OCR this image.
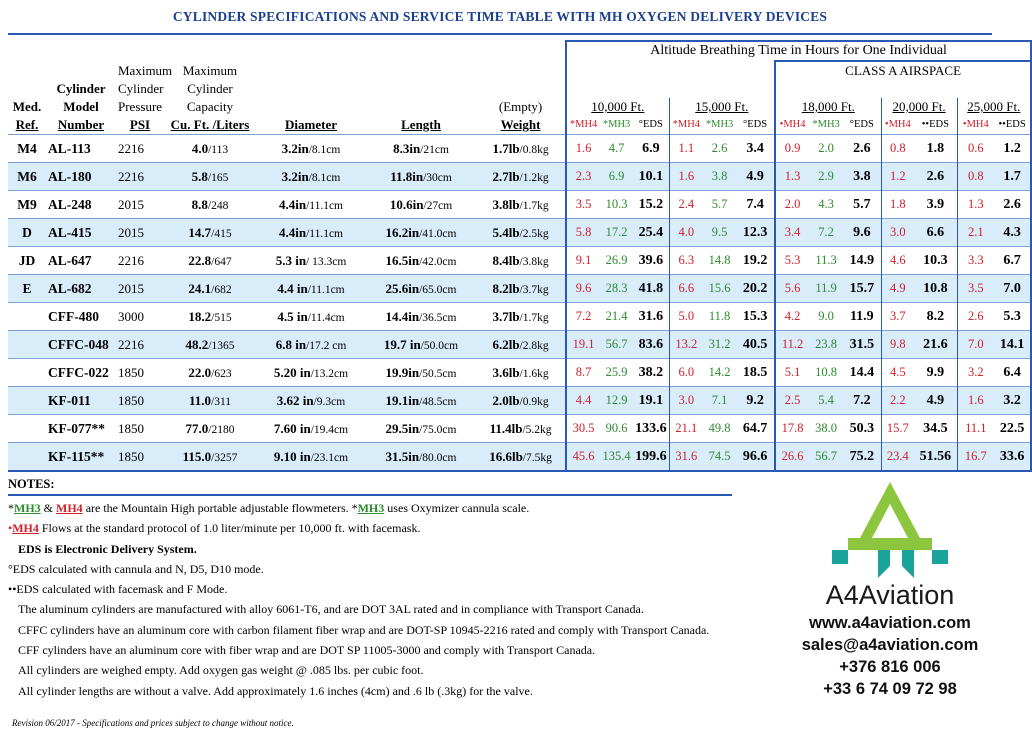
CYLINDER SPECIFICATIONS AND SERVICE TIME TABLE WITH MH OXYGEN DELIVERY DEVICES
							Altitude Breathing Time in Hours for One Individual												
		Maximum	Maximum										CLASS A AIRSPACE						
	Cylinder	Cylinder	Cylinder																
Med.	Model	Pressure	Capacity			(Empty)	10,000 Ft.			15,000 Ft.			18,000 Ft.			20,000 Ft.		25,000 Ft.	
Ref.	Number	PSI	Cu. Ft. /Liters	Diameter	Length	Weight	*MH4	*MH3	°EDS	*MH4	*MH3	°EDS	•MH4	*MH3	°EDS	•MH4	••EDS	•MH4	••EDS
M4	AL-113	2216	4.0/113	3.2in/8.1cm	8.3in/21cm	1.7lb/0.8kg	1.6	4.7	6.9	1.1	2.6	3.4	0.9	2.0	2.6	0.8	1.8	0.6	1.2
M6	AL-180	2216	5.8/165	3.2in/8.1cm	11.8in/30cm	2.7lb/1.2kg	2.3	6.9	10.1	1.6	3.8	4.9	1.3	2.9	3.8	1.2	2.6	0.8	1.7
M9	AL-248	2015	8.8/248	4.4in/11.1cm	10.6in/27cm	3.8lb/1.7kg	3.5	10.3	15.2	2.4	5.7	7.4	2.0	4.3	5.7	1.8	3.9	1.3	2.6
D	AL-415	2015	14.7/415	4.4in/11.1cm	16.2in/41.0cm	5.4lb/2.5kg	5.8	17.2	25.4	4.0	9.5	12.3	3.4	7.2	9.6	3.0	6.6	2.1	4.3
JD	AL-647	2216	22.8/647	5.3 in/ 13.3cm	16.5in/42.0cm	8.4lb/3.8kg	9.1	26.9	39.6	6.3	14.8	19.2	5.3	11.3	14.9	4.6	10.3	3.3	6.7
E	AL-682	2015	24.1/682	4.4 in/11.1cm	25.6in/65.0cm	8.2lb/3.7kg	9.6	28.3	41.8	6.6	15.6	20.2	5.6	11.9	15.7	4.9	10.8	3.5	7.0
	CFF-480	3000	18.2/515	4.5 in/11.4cm	14.4in/36.5cm	3.7lb/1.7kg	7.2	21.4	31.6	5.0	11.8	15.3	4.2	9.0	11.9	3.7	8.2	2.6	5.3
	CFFC-048	2216	48.2/1365	6.8 in/17.2 cm	19.7 in/50.0cm	6.2lb/2.8kg	19.1	56.7	83.6	13.2	31.2	40.5	11.2	23.8	31.5	9.8	21.6	7.0	14.1
	CFFC-022	1850	22.0/623	5.20 in/13.2cm	19.9in/50.5cm	3.6lb/1.6kg	8.7	25.9	38.2	6.0	14.2	18.5	5.1	10.8	14.4	4.5	9.9	3.2	6.4
	KF-011	1850	11.0/311	3.62 in/9.3cm	19.1in/48.5cm	2.0lb/0.9kg	4.4	12.9	19.1	3.0	7.1	9.2	2.5	5.4	7.2	2.2	4.9	1.6	3.2
	KF-077**	1850	77.0/2180	7.60 in/19.4cm	29.5in/75.0cm	11.4lb/5.2kg	30.5	90.6	133.6	21.1	49.8	64.7	17.8	38.0	50.3	15.7	34.5	11.1	22.5
	KF-115**	1850	115.0/3257	9.10 in/23.1cm	31.5in/80.0cm	16.6lb/7.5kg	45.6	135.4	199.6	31.6	74.5	96.6	26.6	56.7	75.2	23.4	51.56	16.7	33.6
NOTES:
*MH3 & MH4 are the Mountain High portable adjustable flowmeters. *MH3 uses Oxymizer cannula scale.
•MH4 Flows at the standard protocol of 1.0 liter/minute per 10,000 ft. with facemask.
EDS is Electronic Delivery System.
°EDS calculated with cannula and N, D5, D10 mode.
••EDS calculated with facemask and F Mode.
The aluminum cylinders are manufactured with alloy 6061-T6, and are DOT 3AL rated and in compliance with Transport Canada.
CFFC cylinders have an aluminum core with carbon filament fiber wrap and are DOT-SP 10945-2216 rated and comply with Transport Canada.
CFF cylinders have an aluminum core with fiber wrap and are DOT SP 11005-3000 and comply with Transport Canada.
All cylinders are weighed empty. Add oxygen gas weight @ .085 lbs. per cubic foot.
All cylinder lengths are without a valve. Add approximately 1.6 inches (4cm) and .6 lb (.3kg) for the valve.
Revision 06/2017 - Specifications and prices subject to change without notice.
A4Aviation
www.a4aviation.com
sales@a4aviation.com
+376 816 006
+33 6 74 09 72 98
